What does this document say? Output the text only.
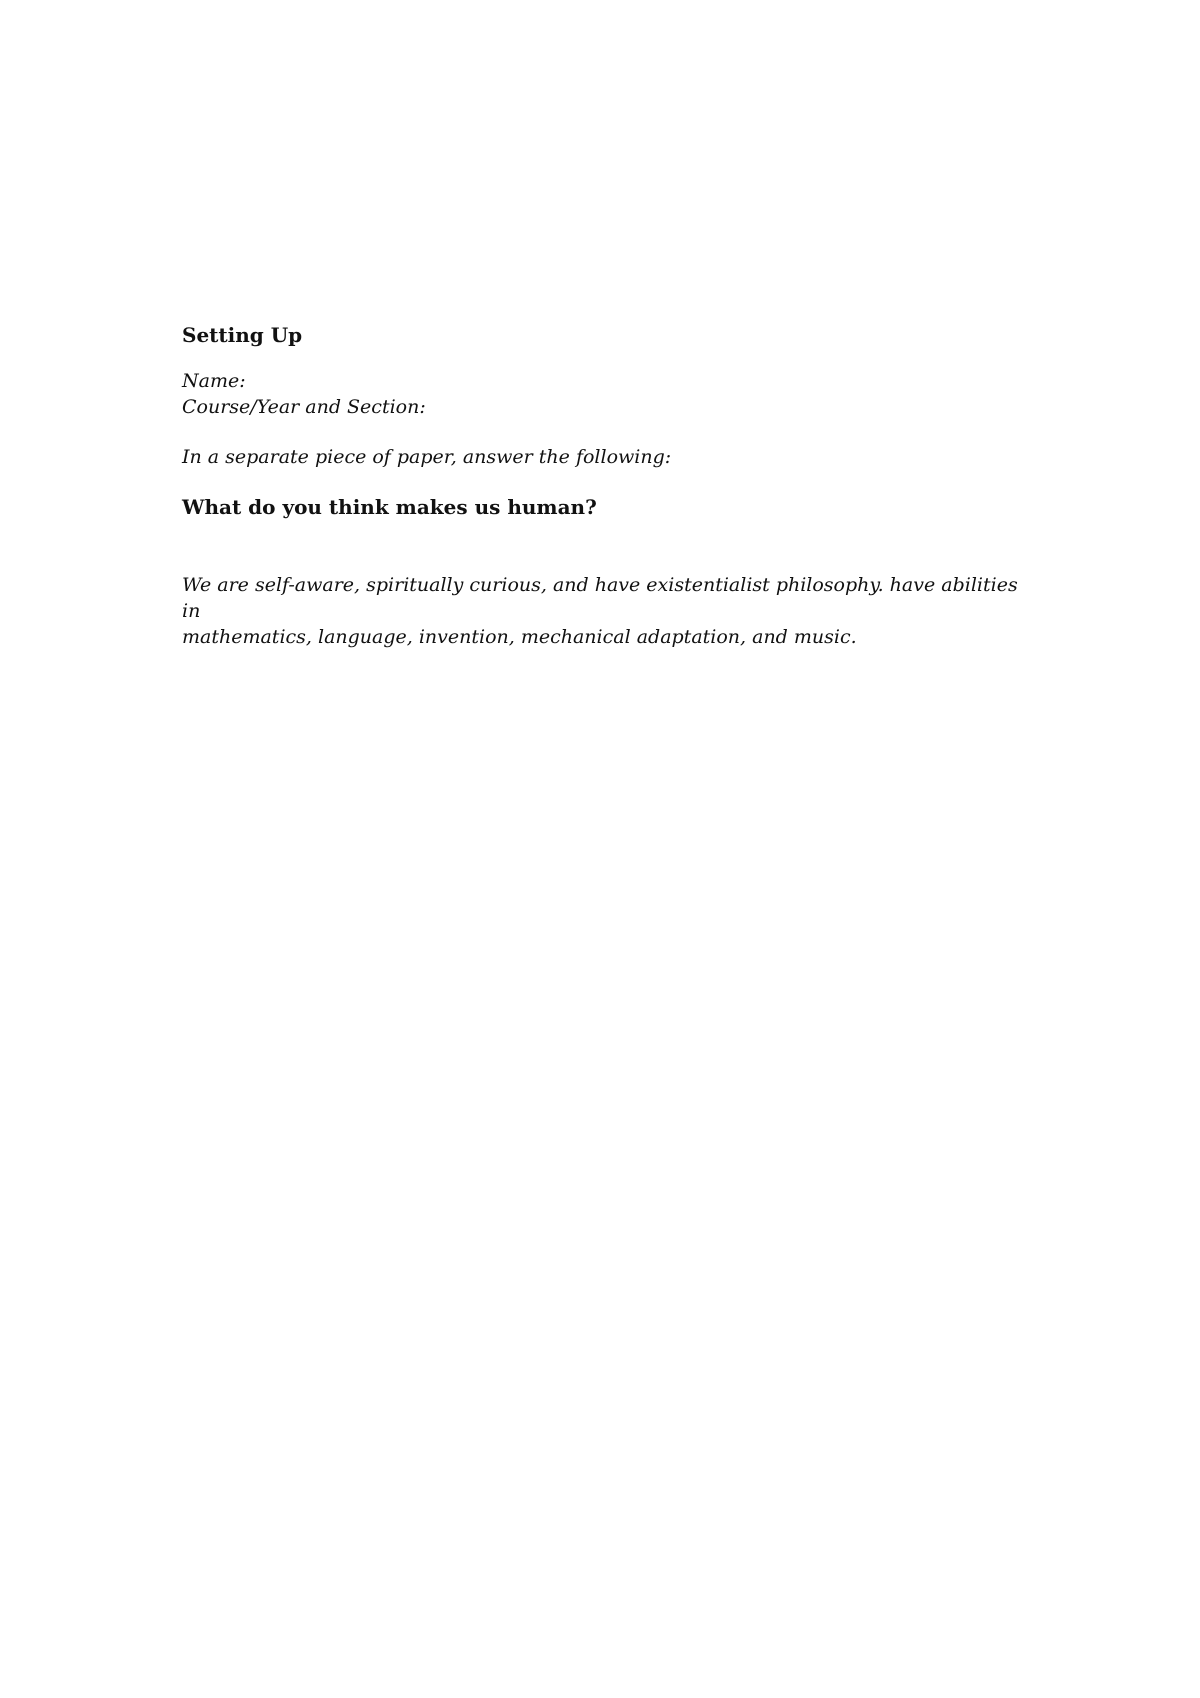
Setting Up

Name:

Course/Year and Section:

In a separate piece of paper, answer the following:

What do you think makes us human?
We are self-aware, spiritually curious, and have existentialist philosophy. have abilities in
mathematics, language, invention, mechanical adaptation, and music.
